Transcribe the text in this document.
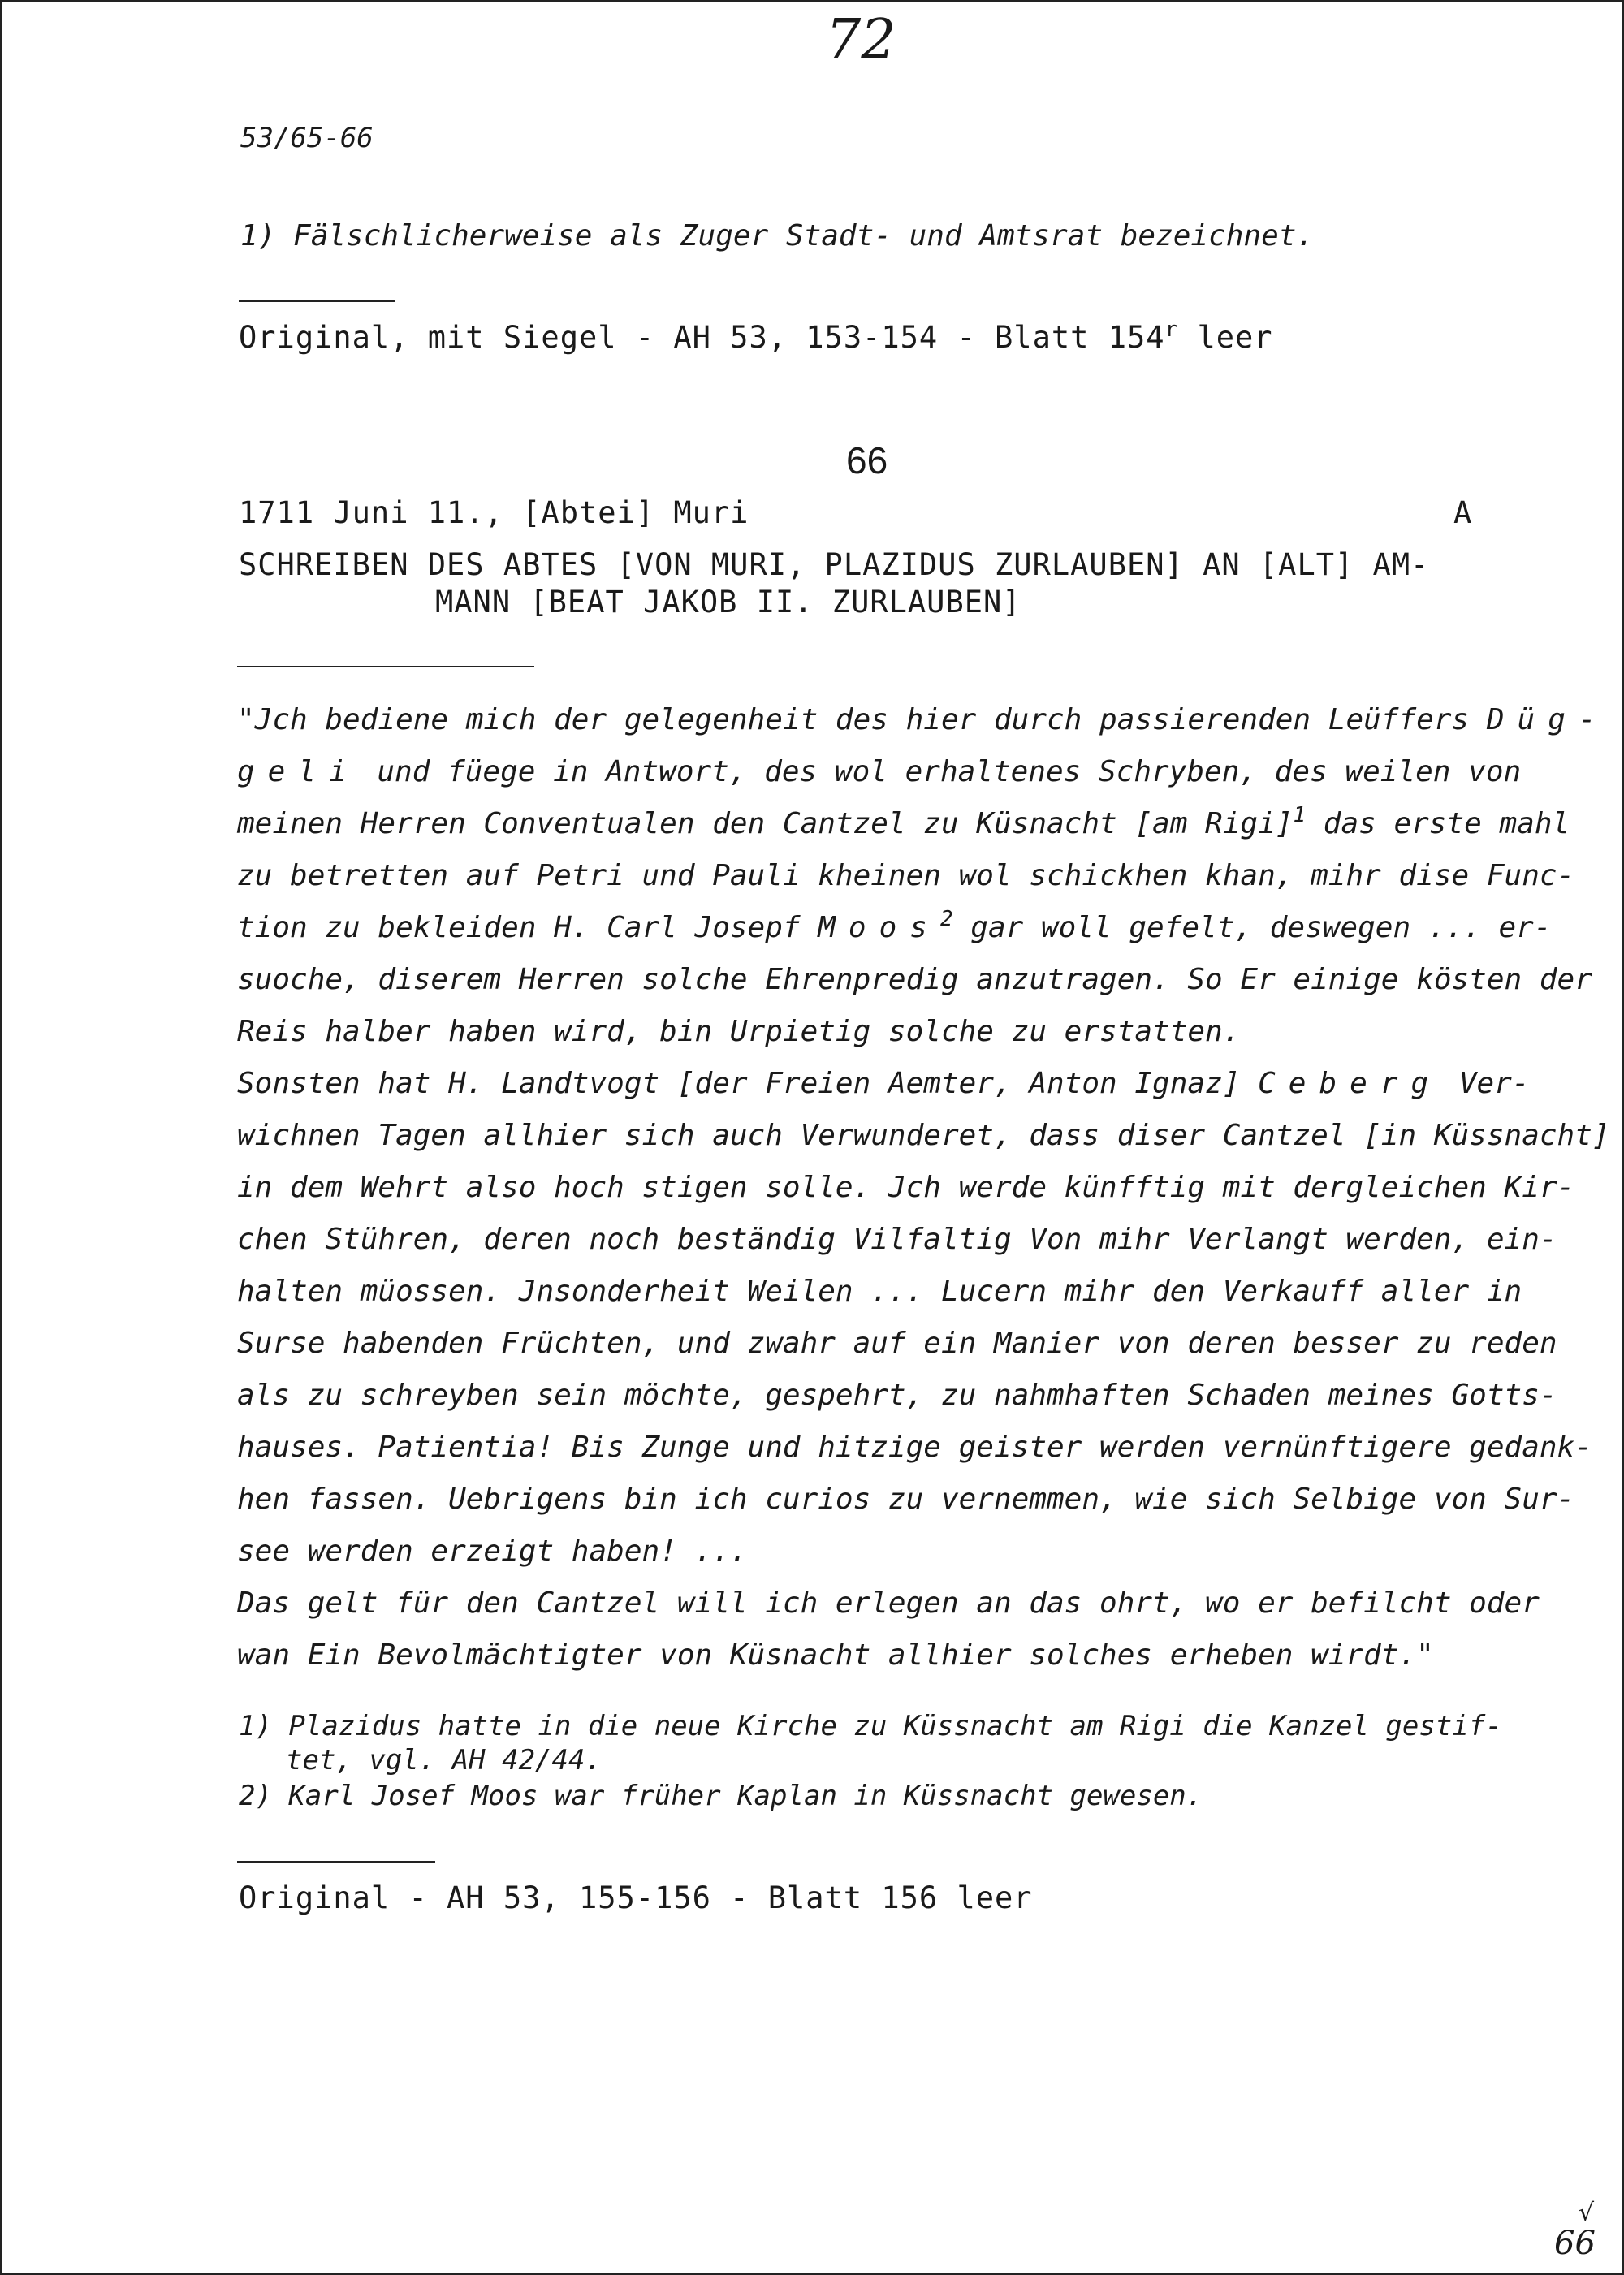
72
53/65-66
1) Fälschlicherweise als Zuger Stadt- und Amtsrat bezeichnet.
Original, mit Siegel - AH 53, 153-154 - Blatt 154$^r$ leer
66
1711 Juni 11., [Abtei] Muri	A
SCHREIBEN DES ABTES [VON MURI, PLAZIDUS ZURLAUBEN] AN [ALT] AM-
MANN [BEAT JAKOB II. ZURLAUBEN]
"Jch bediene mich der gelegenheit des hier durch passierenden Leüffers Düg-
geli und füege in Antwort, des wol erhaltenes Schryben, des weilen von
meinen Herren Conventualen den Cantzel zu Küsnacht [am Rigi]$^1$ das erste mahl
zu betretten auf Petri und Pauli kheinen wol schickhen khan, mihr dise Func-
tion zu bekleiden H. Carl Josepf Moos$^2$ gar woll gefelt, deswegen ... er-
suoche, diserem Herren solche Ehrenpredig anzutragen. So Er einige kösten der
Reis halber haben wird, bin Urpietig solche zu erstatten.
Sonsten hat H. Landtvogt [der Freien Aemter, Anton Ignaz] Ceberg Ver-
wichnen Tagen allhier sich auch Verwunderet, dass diser Cantzel [in Küssnacht]
in dem Wehrt also hoch stigen solle. Jch werde künfftig mit dergleichen Kir-
chen Stühren, deren noch beständig Vilfaltig Von mihr Verlangt werden, ein-
halten müossen. Jnsonderheit Weilen ... Lucern mihr den Verkauff aller in
Surse habenden Früchten, und zwahr auf ein Manier von deren besser zu reden
als zu schreyben sein möchte, gespehrt, zu nahmhaften Schaden meines Gotts-
hauses. Patientia! Bis Zunge und hitzige geister werden vernünftigere gedank-
hen fassen. Uebrigens bin ich curios zu vernemmen, wie sich Selbige von Sur-
see werden erzeigt haben! ...
Das gelt für den Cantzel will ich erlegen an das ohrt, wo er befilcht oder
wan Ein Bevolmächtigter von Küsnacht allhier solches erheben wirdt."
1) Plazidus hatte in die neue Kirche zu Küssnacht am Rigi die Kanzel gestif-
tet, vgl. AH 42/44.
2) Karl Josef Moos war früher Kaplan in Küssnacht gewesen.
Original - AH 53, 155-156 - Blatt 156 leer
√
66
